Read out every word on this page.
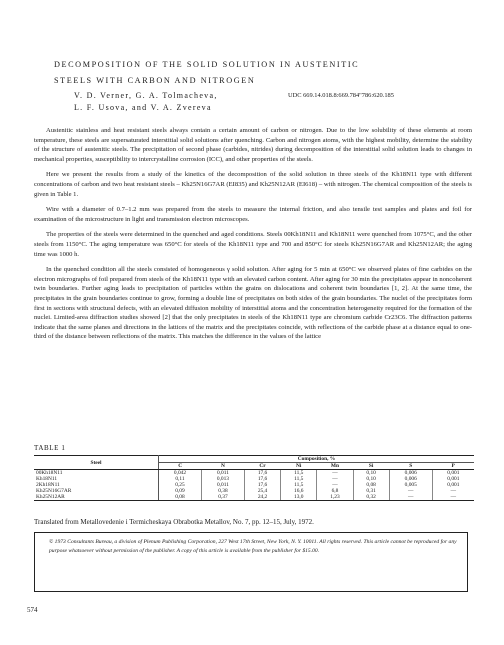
DECOMPOSITION OF THE SOLID SOLUTION IN AUSTENITIC
STEELS WITH CARBON AND NITROGEN
V. D. Verner, G. A. Tolmacheva,
L. F. Usova, and V. A. Zvereva
UDC 669.14.018.8:669.784"786:620.185

Austenitic stainless and heat resistant steels always contain a certain amount of carbon or nitrogen. Due to the low solubility of these elements at room temperature, these steels are supersaturated interstitial solid solutions after quenching. Carbon and nitrogen atoms, with the highest mobility, determine the stability of the structure of austenitic steels. The precipitation of second phase (carbides, nitrides) during decomposition of the interstitial solid solution leads to changes in mechanical properties, susceptibility to intercrystalline corrosion (ICC), and other properties of the steels.

Here we present the results from a study of the kinetics of the decomposition of the solid solution in three steels of the Kh18N11 type with different concentrations of carbon and two heat resistant steels – Kh25N16G7AR (EI835) and Kh25N12AR (EI618) – with nitrogen. The chemical composition of the steels is given in Table 1.

Wire with a diameter of 0.7–1.2 mm was prepared from the steels to measure the internal friction, and also tensile test samples and plates and foil for examination of the microstructure in light and transmission electron microscopes.

The properties of the steels were determined in the quenched and aged conditions. Steels 00Kh18N11 and Kh18N11 were quenched from 1075°C, and the other steels from 1150°C. The aging temperature was 650°C for steels of the Kh18N11 type and 700 and 850°C for steels Kh25N16G7AR and Kh25N12AR; the aging time was 1000 h.

In the quenched condition all the steels consisted of homogeneous γ solid solution. After aging for 5 min at 650°C we observed plates of fine carbides on the electron micrographs of foil prepared from steels of the Kh18N11 type with an elevated carbon content. After aging for 30 min the precipitates appear in noncoherent twin boundaries. Further aging leads to precipitation of particles within the grains on dislocations and coherent twin boundaries [1, 2]. At the same time, the precipitates in the grain boundaries continue to grow, forming a double line of precipitates on both sides of the grain boundaries. The nuclei of the precipitates form first in sections with structural defects, with an elevated diffusion mobility of interstitial atoms and the concentration heterogeneity required for the formation of the nuclei. Limited-area diffraction studies showed [2] that the only precipitates in steels of the Kh18N11 type are chromium carbide Cr23C6. The diffraction patterns indicate that the same planes and directions in the lattices of the matrix and the precipitates coincide, with reflections of the carbide phase at a distance equal to one-third of the distance between reflections of the matrix. This matches the difference in the values of the lattice

TABLE 1
Steel	Composition, %							
	C	N	Cr	Ni	Mn	Si	S	P
00Kh18N11	0,042	0,011	17,6	11,5	—	0,10	0,006	0,001
Kh18N11	0,11	0,013	17,6	11,5	—	0,10	0,006	0,001
2Kh18N11	0,25	0,011	17,6	11,5	—	0,08	0,005	0,001
Kh25N16G7AR	0,09	0,38	25,4	16,6	6,8	0,31	—	—
Kh25N12AR	0,08	0,37	24,2	13,0	1,23	0,32	—	—
Translated from Metallovedenie i Termicheskaya Obrabotka Metallov, No. 7, pp. 12–15, July, 1972.
© 1973 Consultants Bureau, a division of Plenum Publishing Corporation, 227 West 17th Street, New York, N. Y. 10011. All rights reserved. This article cannot be reproduced for any purpose whatsoever without permission of the publisher. A copy of this article is available from the publisher for $15.00.
574
